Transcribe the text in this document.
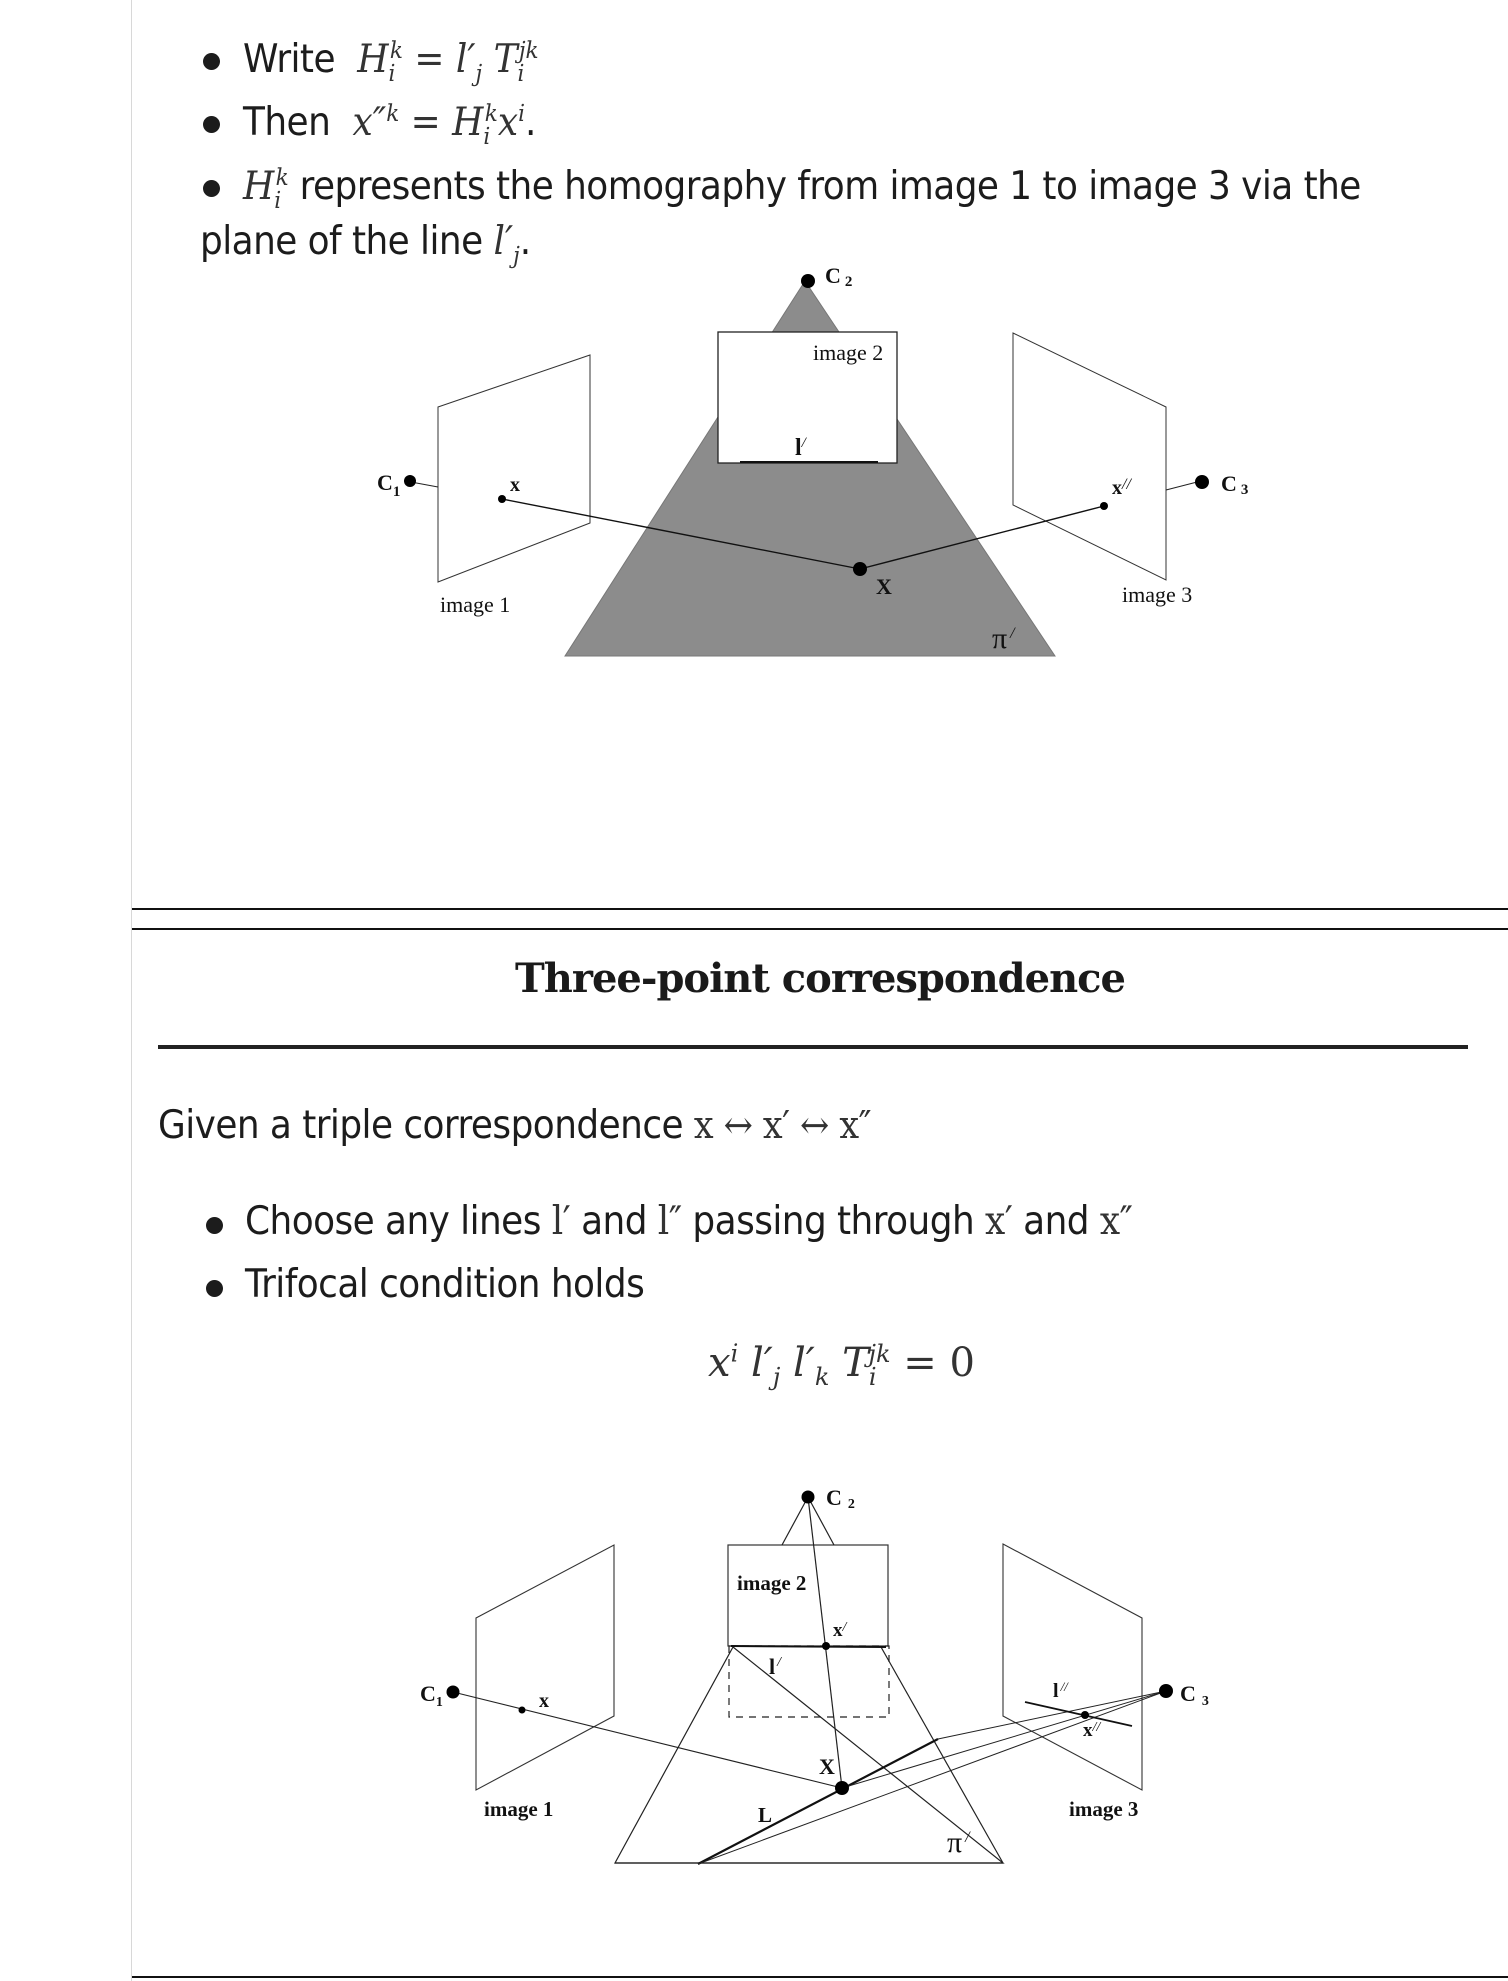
Write  $H_i^k = l'_j$ $T_i^{jk}$
Then  $x''^k = H_i^kx^i$.
$H_i^k$ represents the homography from image 1 to image 3 via the
plane of the line $l'_j$.
$C_1$
C 2
C 3
image 1
image 2
image 3
x	x//
X
l/
π /
Three-point correspondence
Given a triple correspondence x ↔ x′ ↔ x″
Choose any lines l′ and l″ passing through x′ and x″
Trifocal condition holds
$x^i$ $l'_j$ $l'_k$ $T_i^{jk} = 0$
$C_1$
C 2
C 3
image 1
image 2
image 3
x
x/
x//
X
L
l /
l //
π /
